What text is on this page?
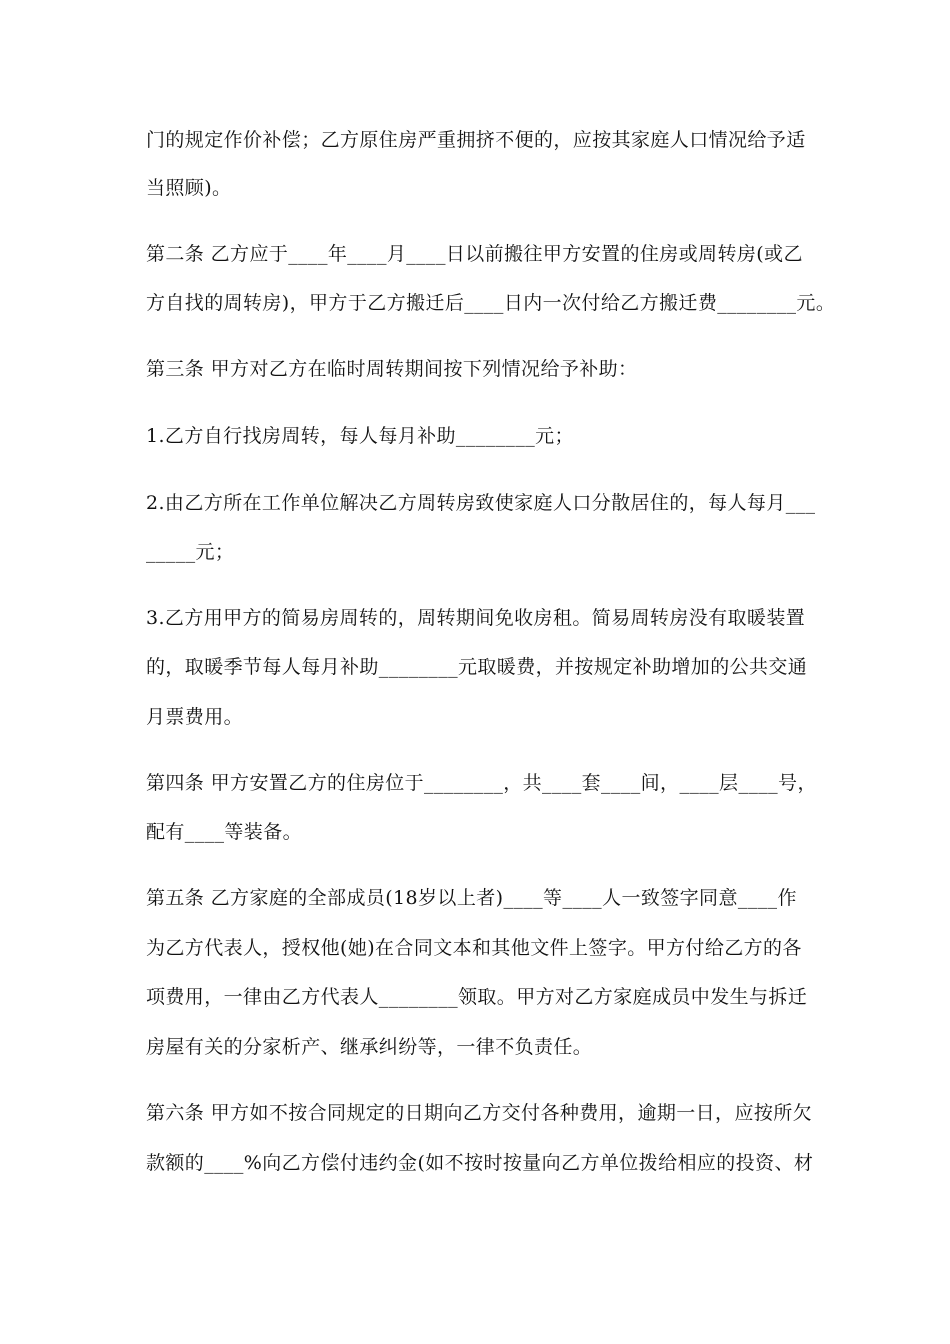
门的规定作价补偿；乙方原住房严重拥挤不便的，应按其家庭人口情况给予适
当照顾)。
第二条 乙方应于____年____月____日以前搬往甲方安置的住房或周转房(或乙
方自找的周转房)，甲方于乙方搬迁后____日内一次付给乙方搬迁费________元。
第三条 甲方对乙方在临时周转期间按下列情况给予补助：
1.乙方自行找房周转，每人每月补助________元；
2.由乙方所在工作单位解决乙方周转房致使家庭人口分散居住的，每人每月___
_____元；
3.乙方用甲方的简易房周转的，周转期间免收房租。简易周转房没有取暖装置
的，取暖季节每人每月补助________元取暖费，并按规定补助增加的公共交通
月票费用。
第四条 甲方安置乙方的住房位于________，共____套____间，____层____号，
配有____等装备。
第五条 乙方家庭的全部成员(18岁以上者)____等____人一致签字同意____作
为乙方代表人，授权他(她)在合同文本和其他文件上签字。甲方付给乙方的各
项费用，一律由乙方代表人________领取。甲方对乙方家庭成员中发生与拆迁
房屋有关的分家析产、继承纠纷等，一律不负责任。
第六条 甲方如不按合同规定的日期向乙方交付各种费用，逾期一日，应按所欠
款额的____%向乙方偿付违约金(如不按时按量向乙方单位拨给相应的投资、材
